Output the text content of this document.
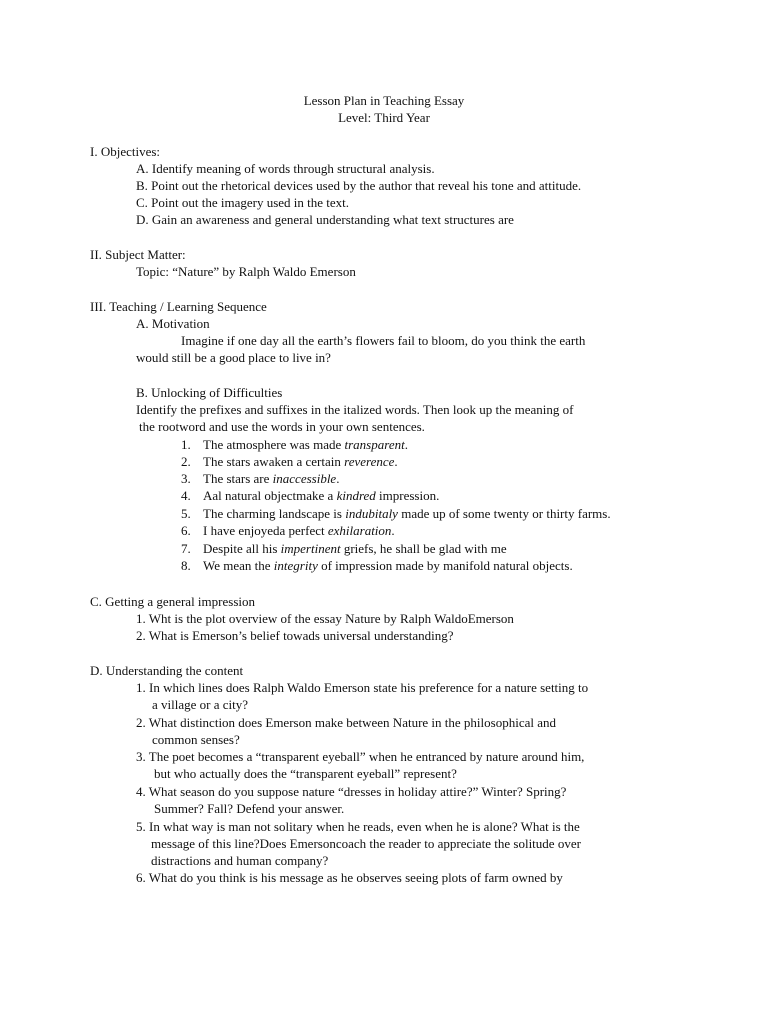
Lesson Plan in Teaching Essay
Level: Third Year
I. Objectives:
A. Identify meaning of words through structural analysis.
B. Point out the rhetorical devices used by the author that reveal his tone and attitude.
C. Point out the imagery used in the text.
D. Gain an awareness and general understanding what text structures are
II. Subject Matter:
Topic: “Nature” by Ralph Waldo Emerson
III. Teaching / Learning Sequence
A. Motivation
Imagine if one day all the earth’s flowers fail to bloom, do you think the earth
would still be a good place to live in?
B. Unlocking of Difficulties
Identify the prefixes and suffixes in the italized words. Then look up the meaning of
the rootword and use the words in your own sentences.
1. The atmosphere was made transparent.
2. The stars awaken a certain reverence.
3. The stars are inaccessible.
4. Aal natural objectmake a kindred impression.
5. The charming landscape is indubitaly made up of some twenty or thirty farms.
6. I have enjoyeda perfect exhilaration.
7. Despite all his impertinent griefs, he shall be glad with me
8. We mean the integrity of impression made by manifold natural objects.
C. Getting a general impression
1. Wht is the plot overview of the essay Nature by Ralph WaldoEmerson
2. What is Emerson’s belief towads universal understanding?
D. Understanding the content
1. In which lines does Ralph Waldo Emerson state his preference for a nature setting to
a village or a city?
2. What distinction does Emerson make between Nature in the philosophical and
common senses?
3. The poet becomes a “transparent eyeball” when he entranced by nature around him,
but who actually does the “transparent eyeball” represent?
4. What season do you suppose nature “dresses in holiday attire?” Winter? Spring?
Summer? Fall? Defend your answer.
5. In what way is man not solitary when he reads, even when he is alone? What is the
message of this line?Does Emersoncoach the reader to appreciate the solitude over
distractions and human company?
6. What do you think is his message as he observes seeing plots of farm owned by
